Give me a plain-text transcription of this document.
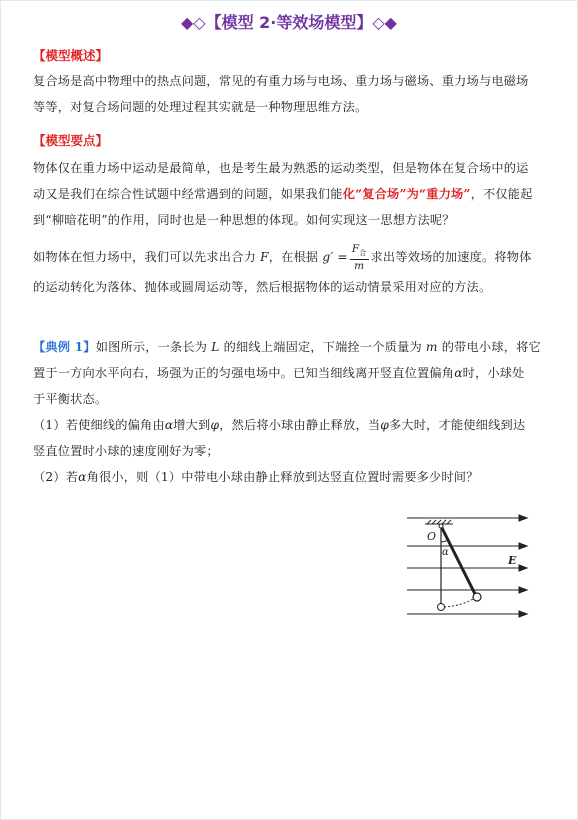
◆◇【模型 2·等效场模型】◇◆
【模型概述】
复合场是高中物理中的热点问题，常见的有重力场与电场、重力场与磁场、重力场与电磁场
等等，对复合场问题的处理过程其实就是一种物理思维方法。
【模型要点】
物体仅在重力场中运动是最简单，也是考生最为熟悉的运动类型，但是物体在复合场中的运
动又是我们在综合性试题中经常遇到的问题，如果我们能化“复合场”为“重力场”，不仅能起
到“柳暗花明”的作用，同时也是一种思想的体现。如何实现这一思想方法呢？
如物体在恒力场中，我们可以先求出合力 F，在根据 $g' = \frac{F_合}{m}$ 求出等效场的加速度。将物体
的运动转化为落体、抛体或圆周运动等，然后根据物体的运动情景采用对应的方法。
【典例 1】如图所示，一条长为 L 的细线上端固定，下端拴一个质量为 m 的带电小球，将它
置于一方向水平向右，场强为正的匀强电场中。已知当细线离开竖直位置偏角α时，小球处
于平衡状态。
（1）若使细线的偏角由α增大到φ，然后将小球由静止释放，当φ多大时，才能使细线到达
竖直位置时小球的速度刚好为零；
（2）若α角很小，则（1）中带电小球由静止释放到达竖直位置时需要多少时间？
O
α
E
